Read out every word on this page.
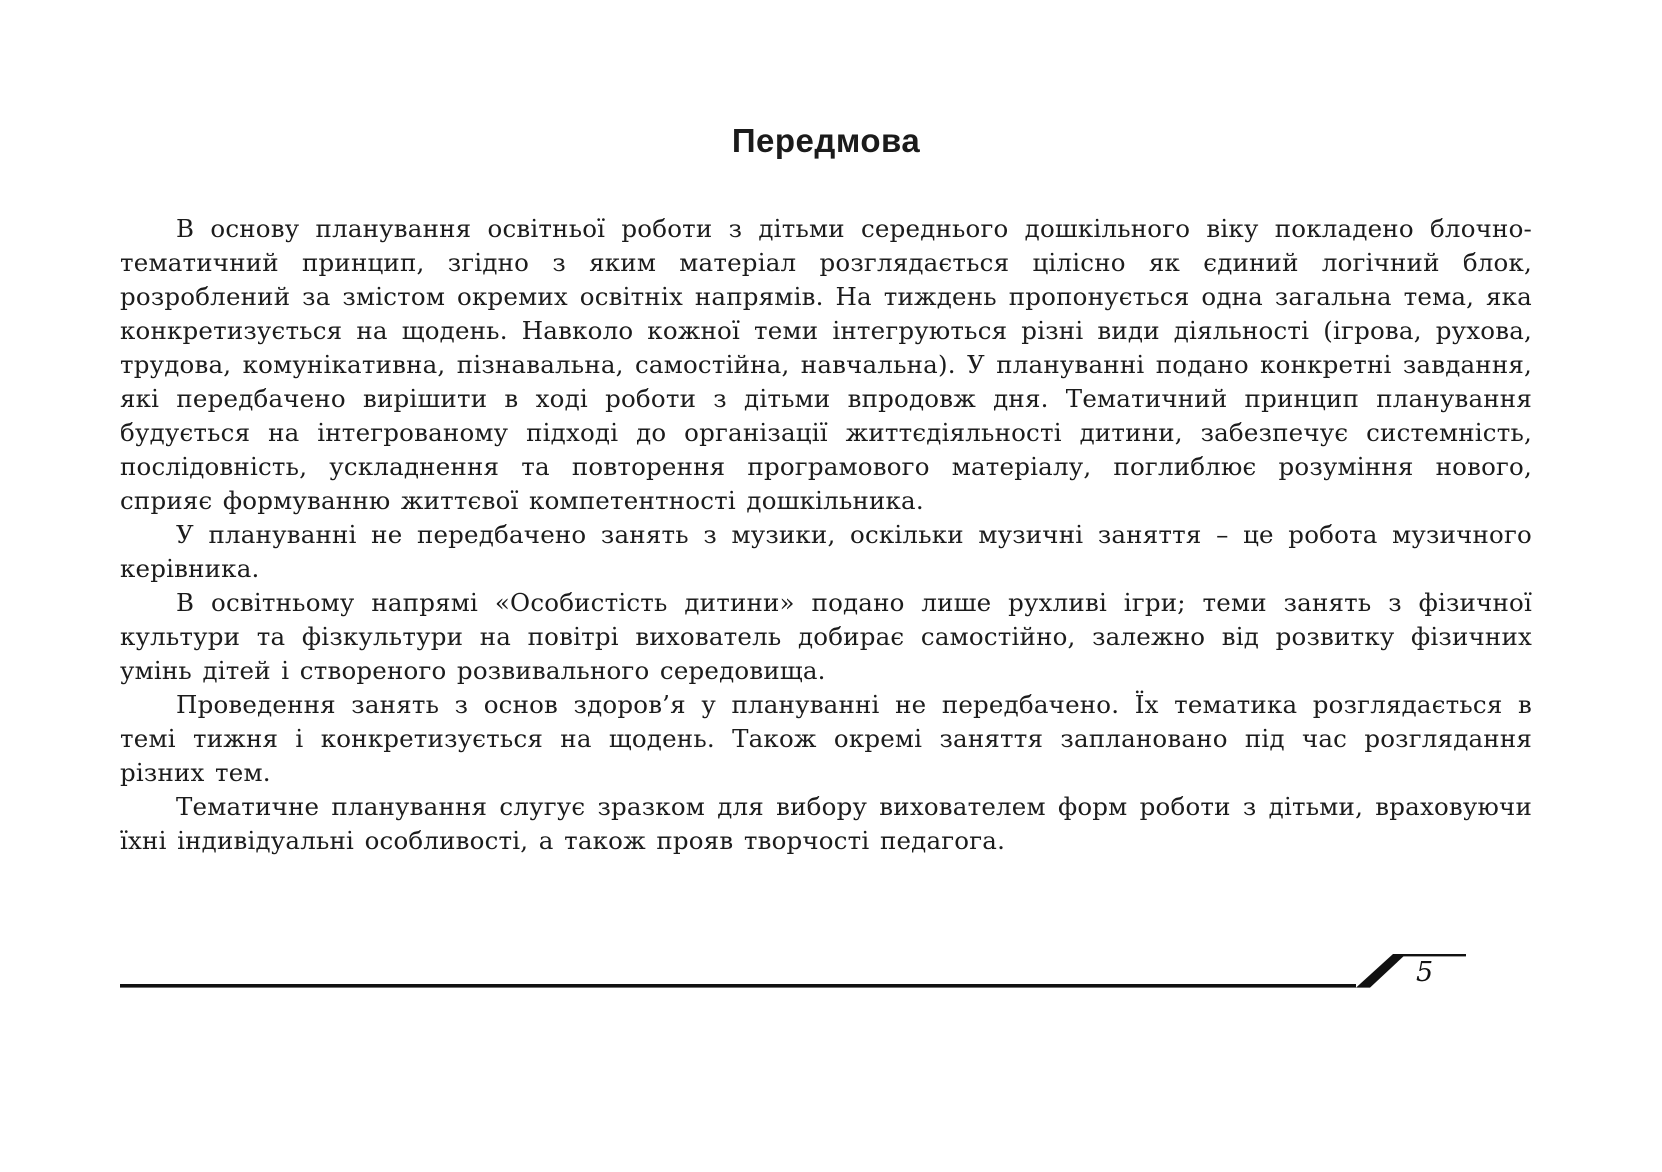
Передмова

В основу планування освітньої роботи з дітьми середнього дошкільного віку покладено блочно-тематичний принцип, згідно з яким матеріал розглядається цілісно як єдиний логічний блок, розроблений за змістом окремих освітніх напрямів. На тиждень пропонується одна загальна тема, яка конкретизується на щодень. Навколо кожної теми інтегруються різні види діяльності (ігрова, рухова, трудова, комунікативна, пізнавальна, самостійна, навчальна). У плануванні подано конкретні завдання, які передбачено вирішити в ході роботи з дітьми впродовж дня. Тематичний принцип планування будується на інтегрованому підході до організації життєдіяльності дитини, забезпечує системність, послідовність, ускладнення та повторення програмового матеріалу, поглиблює розуміння нового, сприяє формуванню життєвої компетентності дошкільника.

У плануванні не передбачено занять з музики, оскільки музичні заняття – це робота музичного керівника.

В освітньому напрямі «Особистість дитини» подано лише рухливі ігри; теми занять з фізичної культури та фізкультури на повітрі вихователь добирає самостійно, залежно від розвитку фізичних умінь дітей і створеного розвивального середовища.

Проведення занять з основ здоров’я у плануванні не передбачено. Їх тематика розглядається в темі тижня і конкретизується на щодень. Також окремі заняття заплановано під час розглядання різних тем.

Тематичне планування слугує зразком для вибору вихователем форм роботи з дітьми, враховуючи їхні індивідуальні особливості, а також прояв творчості педагога.

5
